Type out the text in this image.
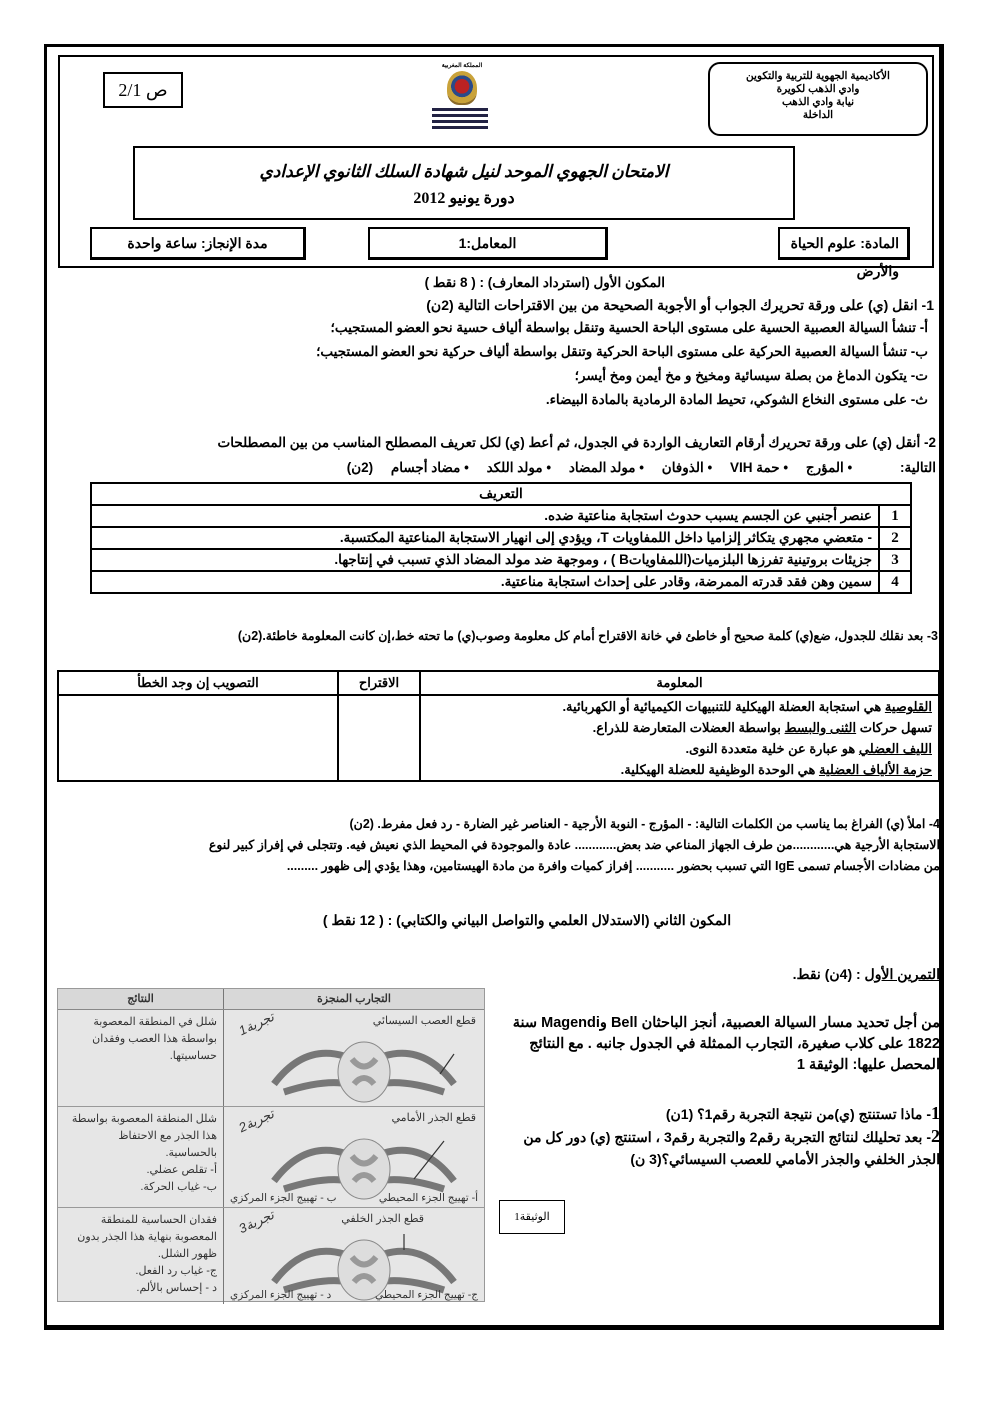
الأكاديمية الجهوية للتربية والتكوين
وادي الذهب لكويرة
نيابة وادي الذهب
الداخلة
المملكة المغربية
ص 2/1
الامتحان الجهوي الموحد لنيل شهادة السلك الثانوي الإعدادي
دورة يونيو 2012
المادة: علوم الحياة والأرض
المعامل:1
مدة الإنجاز: ساعة واحدة
المكون الأول (استرداد المعارف) : ( 8 نقط )
1- انقل (ي) على ورقة تحريرك الجواب أو الأجوبة الصحيحة من بين الاقتراحات التالية (2ن)
أ- تنشأ السيالة العصبية الحسية على مستوى الباحة الحسية وتنقل بواسطة ألياف حسية نحو العضو المستجيب؛
ب- تنشأ السيالة العصبية الحركية على مستوى الباحة الحركية وتنقل بواسطة ألياف حركية نحو العضو المستجيب؛
ت- يتكون الدماغ من بصلة سيسائية ومخيخ و مخ أيمن ومخ أيسر؛
ث- على مستوى النخاع الشوكي، تحيط المادة الرمادية بالمادة البيضاء.
2- أنقل (ي) على ورقة تحريرك أرقام التعاريف الواردة في الجدول، ثم أعط (ي) لكل تعريف المصطلح المناسب من بين المصطلحات
التالية: • المؤرج • حمة VIH • الذوفان • مولد المضاد • مولد اللكد • مضاد أجسام (2ن)
التعريف	
1	عنصر أجنبي عن الجسم يسبب حدوث استجابة مناعتية ضده.
2	- متعضي مجهري يتكاثر إلزاميا داخل اللمفاويات T، ويؤدي إلى انهيار الاستجابة المناعتية المكتسبة.
3	جزيئات بروتينية تفرزها البلزميات(اللمفاوياتB ) ، وموجهة ضد مولد المضاد الذي تسبب في إنتاجها.
4	سمين وهن فقد قدرته الممرضة، وقادر على إحداث استجابة مناعتية.
3- بعد نقلك للجدول، ضع(ي) كلمة صحيح أو خاطئ في خانة الاقتراح أمام كل معلومة وصوب(ي) ما تحته خط،إن كانت المعلومة خاطئة.(2ن)
المعلومة	الاقتراح	التصويب إن وجد الخطأ

القلوصية هي استجابة العضلة الهيكلية للتنبيهات الكيميائية أو الكهربائية.
تسهل حركات الثنى والبسط بواسطة العضلات المتعارضة للذراع.
الليف العضلي هو عبارة عن خلية متعددة النوى.
حزمة الألياف العضلية هي الوحدة الوظيفية للعضلة الهيكلية.		

4- املأ (ي) الفراغ بما يناسب من الكلمات التالية: - المؤرج - النوبة الأرجية - العناصر غير الضارة - رد فعل مفرط. (2ن)
الاستجابة الأرجية هي............من طرف الجهاز المناعي ضد بعض............ عادة والموجودة في المحيط الذي نعيش فيه. وتتجلى في إفراز كبير لنوع
من مضادات الأجسام تسمى IgE التي تسبب بحضور ........... إفراز كميات وافرة من مادة الهيستامين، وهذا يؤدي إلى ظهور .........
المكون الثاني (الاستدلال العلمي والتواصل البياني والكتابي) : ( 12 نقط )
التمرين الأول : (4ن) نقط.
من أجل تحديد مسار السيالة العصبية، أنجز الباحثان Bell وMagendi سنة 1822 على كلاب صغيرة، التجارب الممثلة في الجدول جانبه . مع النتائج المحصل عليها: الوثيقة 1
1- ماذا تستنتج (ي)من نتيجة التجربة رقم1؟ (1ن)
2- بعد تحليلك لنتائج التجربة رقم2 والتجربة رقم3 ، استنتج (ي) دور كل من الجذر الخلفي والجذر الأمامي للعصب السيسائي؟(3 ن)
الوثيقة1
التجارب المنجزة
النتائج
قطع العصب السيسائي
تجربة1
شلل في المنطقة المعصوبة بواسطة هذا العصب وفقدان حساسيتها.
قطع الجذر الأمامي
تجربة2
أ- تهييج الجزء المحيطي
ب - تهييج الجزء المركزي
شلل المنطقة المعصوبة بواسطة هذا الجذر مع الاحتفاظ بالحساسية.
أ- تقلص عضلي.
ب- غياب الحركة.
قطع الجذر الخلفي
تجربة3
ج- تهييج الجزء المحيطي
د - تهييج الجزء المركزي
فقدان الحساسية للمنطقة المعصوبة بنهاية هذا الجذر بدون ظهور الشلل.
ج- غياب رد الفعل.
د - إحساس بالألم.
